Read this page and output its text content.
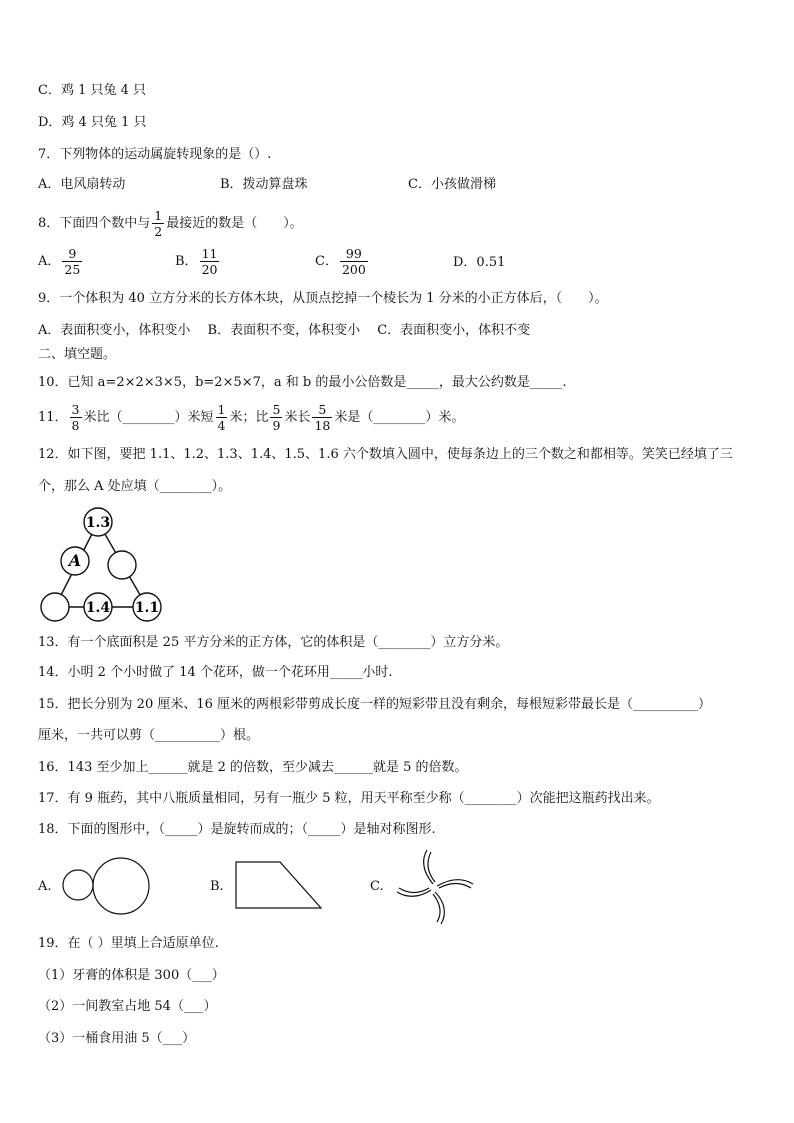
C．鸡 1 只兔 4 只
D．鸡 4 只兔 1 只
7．下列物体的运动属旋转现象的是（）.
A．电风扇转动	B．拨动算盘珠	C．小孩做滑梯
8．下面四个数中与 $\frac{1}{2}$ 最接近的数是（　　）。
A． $\frac{9}{25}$	B． $\frac{11}{20}$	C． $\frac{99}{200}$	D．0.51
9．一个体积为 40 立方分米的长方体木块，从顶点挖掉一个棱长为 1 分米的小正方体后，（　　）。
A．表面积变小，体积变小　 B．表面积不变，体积变小　 C．表面积变小，体积不变
二、填空题。
10．已知 a=2×2×3×5，b=2×5×7，a 和 b 的最小公倍数是_____，最大公约数是_____.
11． $\frac{3}{8}$ 米比（________）米短 $\frac{1}{4}$ 米；比 $\frac{5}{9}$ 米长 $\frac{5}{18}$ 米是（________）米。
12．如下图，要把 1.1、1.2、1.3、1.4、1.5、1.6 六个数填入圆中，使每条边上的三个数之和都相等。笑笑已经填了三
个，那么 A 处应填（________）。
1.3
A
1.4 1.1
13．有一个底面积是 25 平方分米的正方体，它的体积是（________）立方分米。
14．小明 2 个小时做了 14 个花环，做一个花环用_____小时.
15．把长分别为 20 厘米、16 厘米的两根彩带剪成长度一样的短彩带且没有剩余，每根短彩带最长是（__________）
厘米，一共可以剪（__________）根。
16．143 至少加上______就是 2 的倍数，至少减去______就是 5 的倍数。
17．有 9 瓶药，其中八瓶质量相同，另有一瓶少 5 粒，用天平称至少称（________）次能把这瓶药找出来。
18．下面的图形中，（_____）是旋转而成的；（_____）是轴对称图形.
A.	B.	C.
19．在（ ）里填上合适原单位.
（1）牙膏的体积是 300（___）
（2）一间教室占地 54（___）
（3）一桶食用油 5（___）
